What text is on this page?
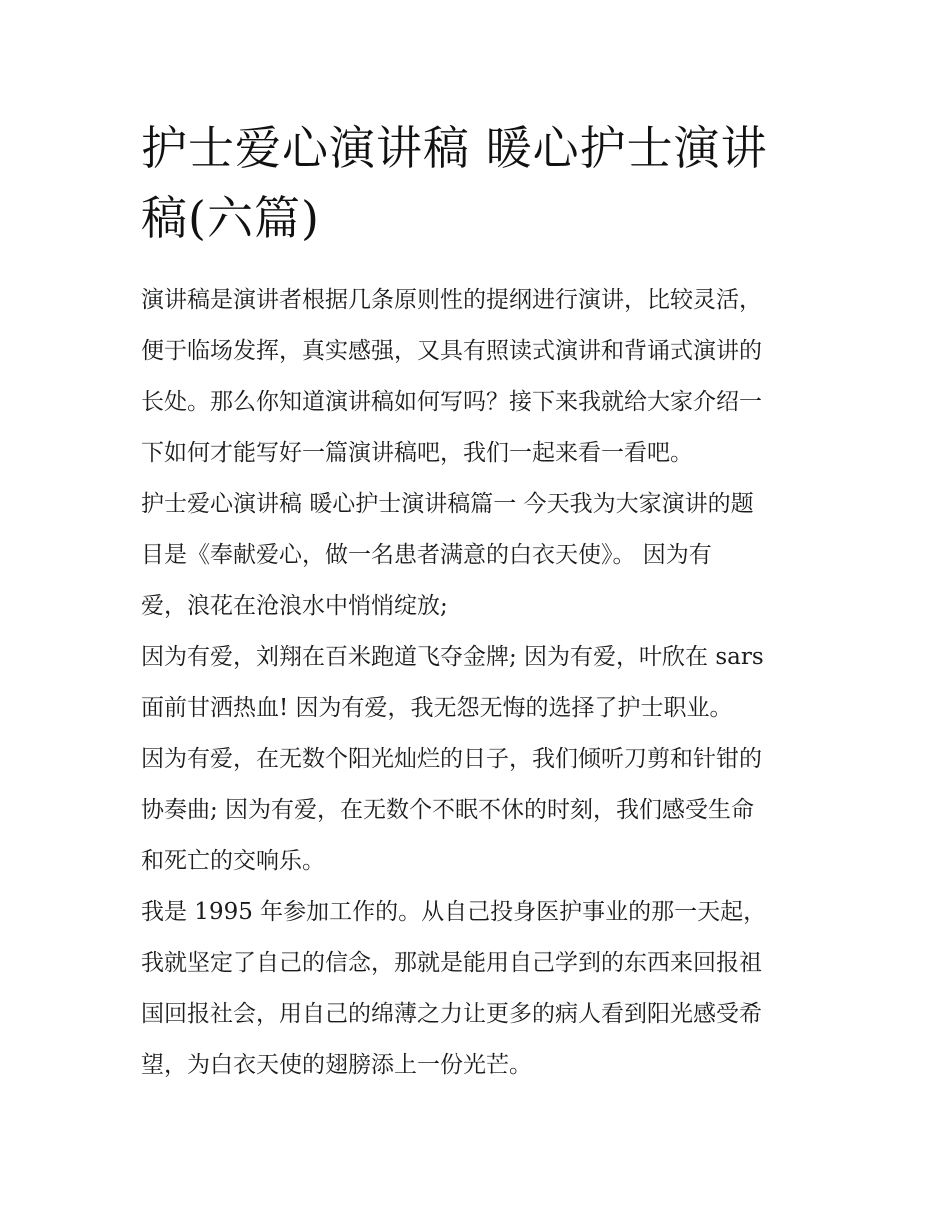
护士爱心演讲稿 暖心护士演讲
稿(六篇)

演讲稿是演讲者根据几条原则性的提纲进行演讲，比较灵活，
便于临场发挥，真实感强，又具有照读式演讲和背诵式演讲的
长处。那么你知道演讲稿如何写吗？接下来我就给大家介绍一
下如何才能写好一篇演讲稿吧，我们一起来看一看吧。

护士爱心演讲稿 暖心护士演讲稿篇一 今天我为大家演讲的题
目是《奉献爱心，做一名患者满意的白衣天使》。 因为有
爱，浪花在沧浪水中悄悄绽放;

因为有爱，刘翔在百米跑道飞夺金牌; 因为有爱，叶欣在 sars
面前甘洒热血! 因为有爱，我无怨无悔的选择了护士职业。

因为有爱，在无数个阳光灿烂的日子，我们倾听刀剪和针钳的
协奏曲; 因为有爱，在无数个不眠不休的时刻，我们感受生命
和死亡的交响乐。

我是 1995 年参加工作的。从自己投身医护事业的那一天起，
我就坚定了自己的信念，那就是能用自己学到的东西来回报祖
国回报社会，用自己的绵薄之力让更多的病人看到阳光感受希
望，为白衣天使的翅膀添上一份光芒。
